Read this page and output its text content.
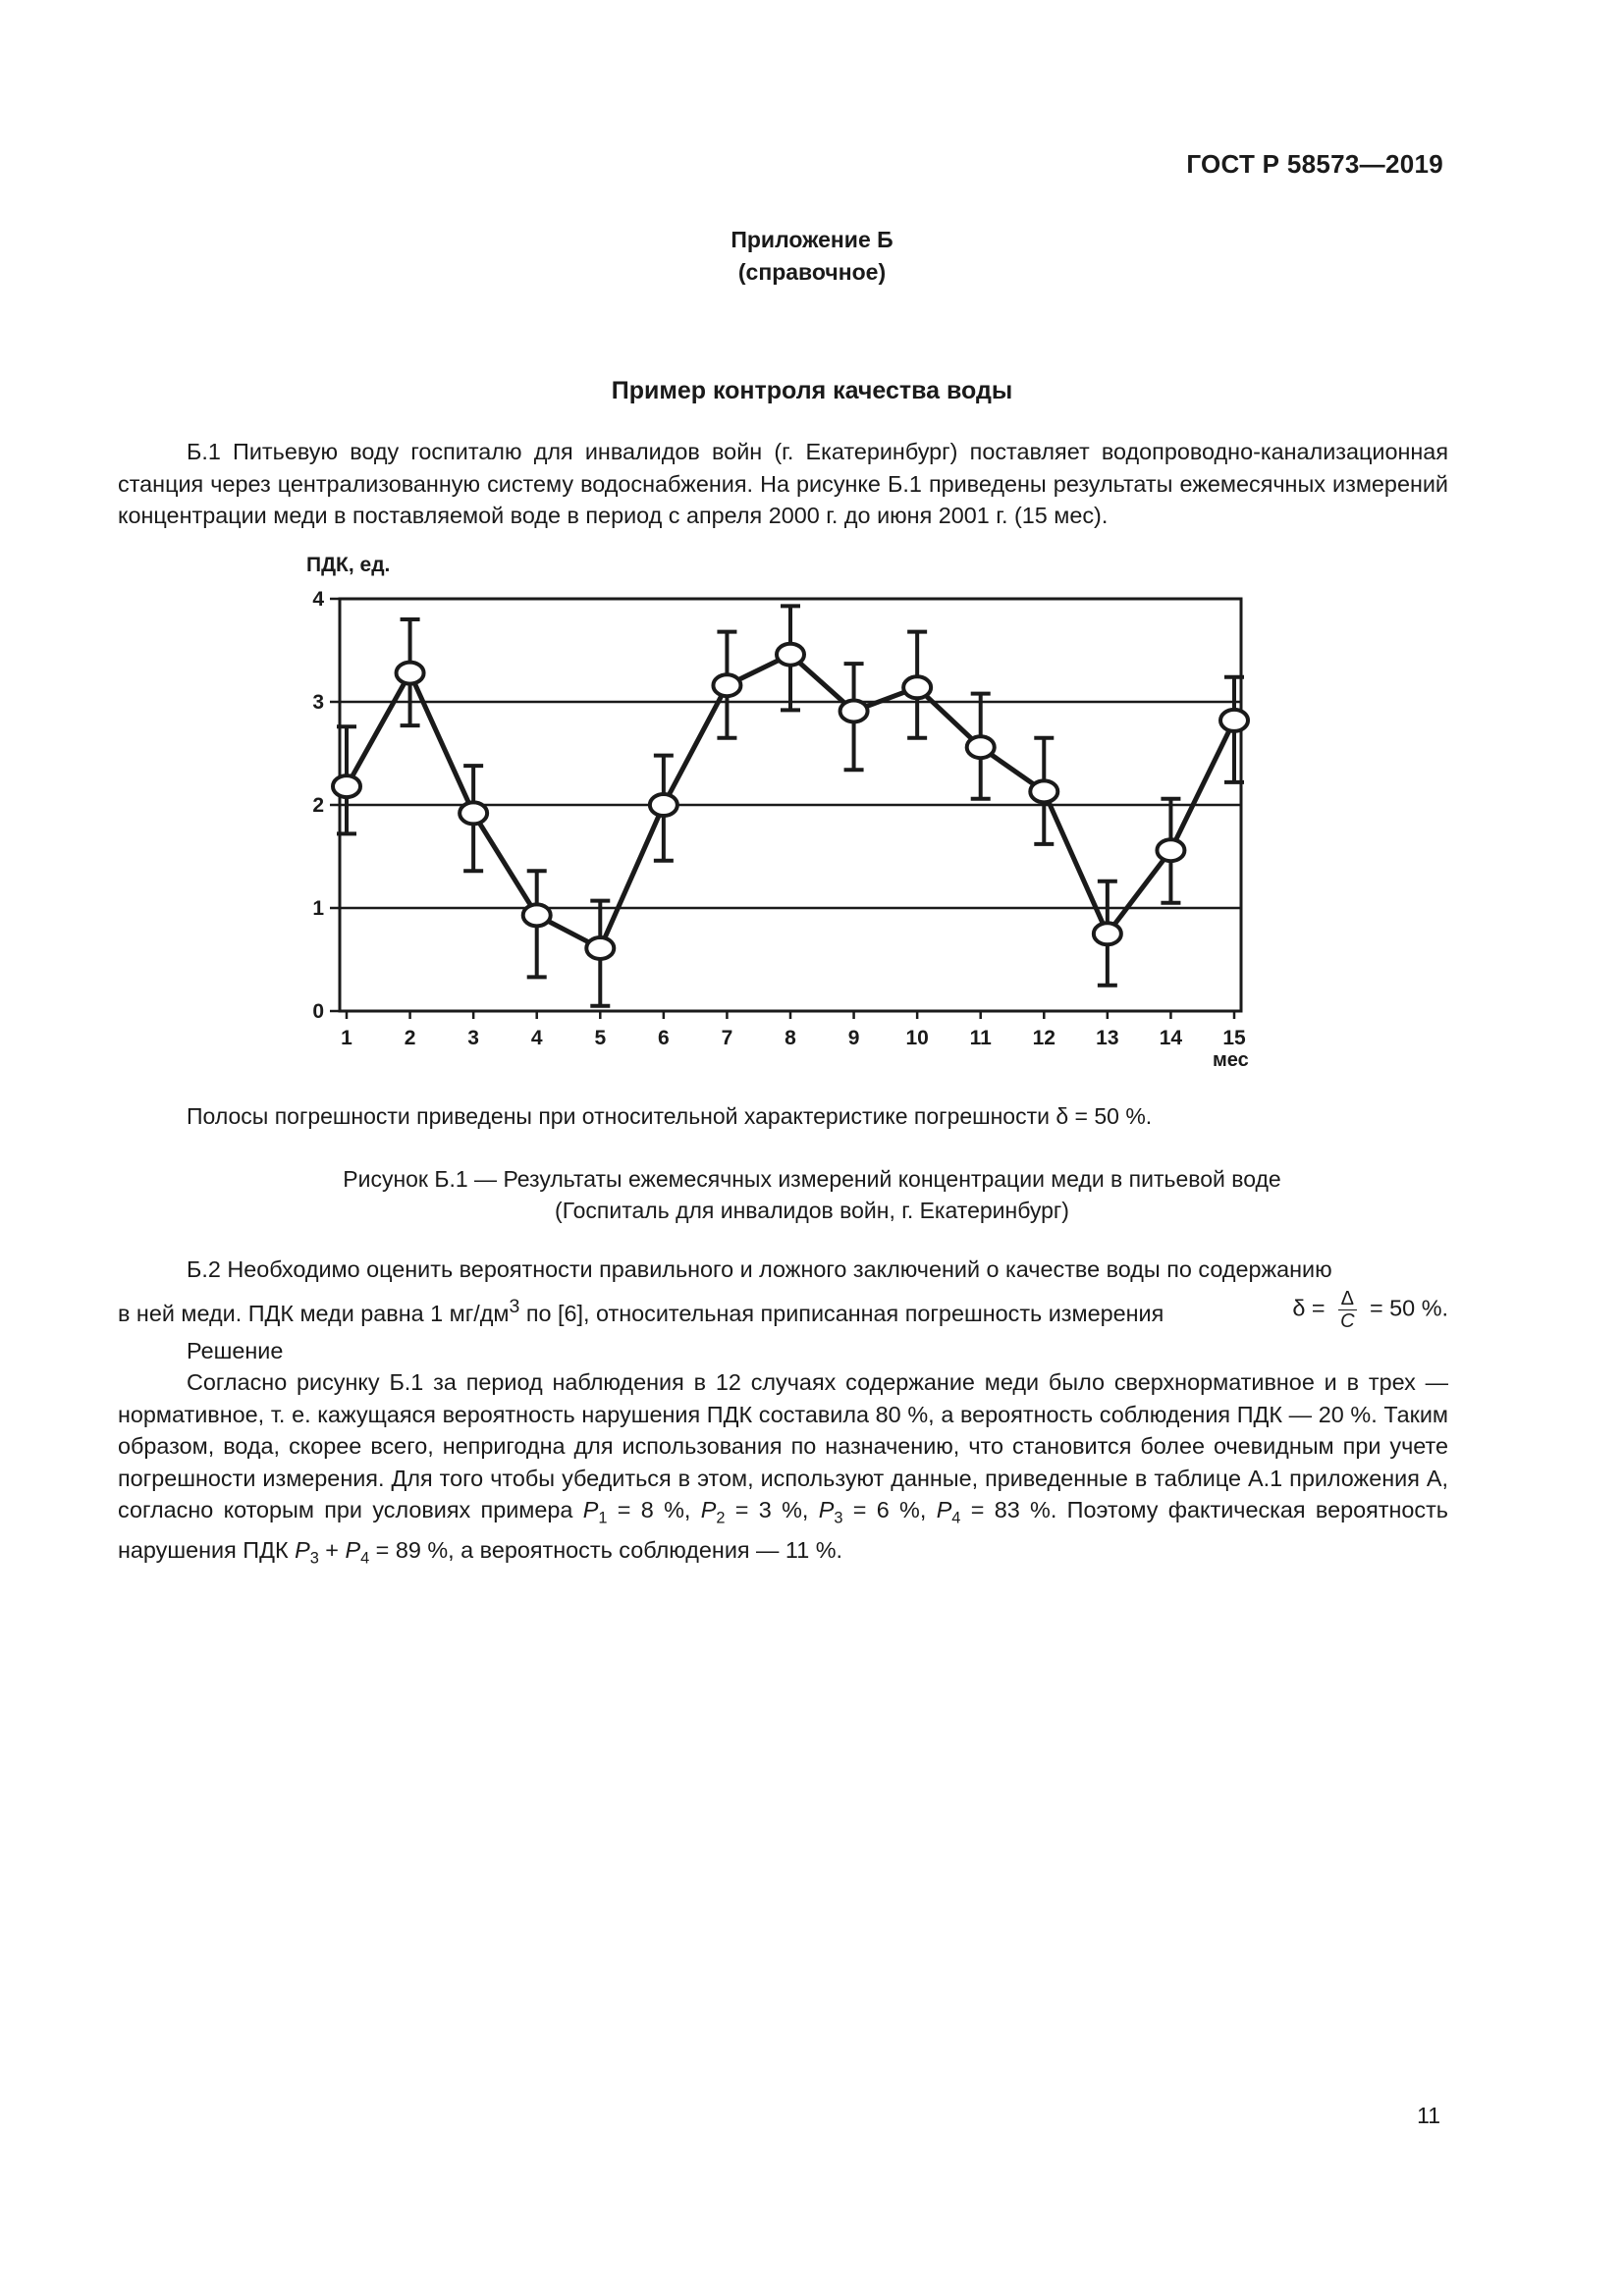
ГОСТ Р 58573—2019
Приложение Б
(справочное)
Пример контроля качества воды
Б.1 Питьевую воду госпиталю для инвалидов войн (г. Екатеринбург) поставляет водопроводно-канализационная станция через централизованную систему водоснабжения. На рисунке Б.1 приведены результаты ежемесячных измерений концентрации меди в поставляемой воде в период с апреля 2000 г. до июня 2001 г. (15 мес).
0
1
2
3
4
1	2	3	4	5	6	7	8	9 10 11 12 13 14 15
ПДК, ед.
мес
Полосы погрешности приведены при относительной характеристике погрешности δ = 50 %.
Рисунок Б.1 — Результаты ежемесячных измерений концентрации меди в питьевой воде
(Госпиталь для инвалидов войн, г. Екатеринбург)
Б.2 Необходимо оценить вероятности правильного и ложного заключений о качестве воды по содержанию
в ней меди. ПДК меди равна 1 $мг/дм^3$ по [6], относительная приписанная погрешность измерения	$\delta = \frac{\Delta}{C} = 50$ %.
Решение
Согласно рисунку Б.1 за период наблюдения в 12 случаях содержание меди было сверхнормативное и в трех — нормативное, т. е. кажущаяся вероятность нарушения ПДК составила 80 %, а вероятность соблюдения ПДК — 20 %. Таким образом, вода, скорее всего, непригодна для использования по назначению, что становится более очевидным при учете погрешности измерения. Для того чтобы убедиться в этом, используют данные, приведенные в таблице А.1 приложения А, согласно которым при условиях примера $P_1 = 8$ %, $P_2 = 3$ %, $P_3 = 6$ %, $P_4 = 83$ %. Поэтому фактическая вероятность нарушения ПДК $P_3 + P_4 = 89$ %, а вероятность соблюдения — 11 %.
11
